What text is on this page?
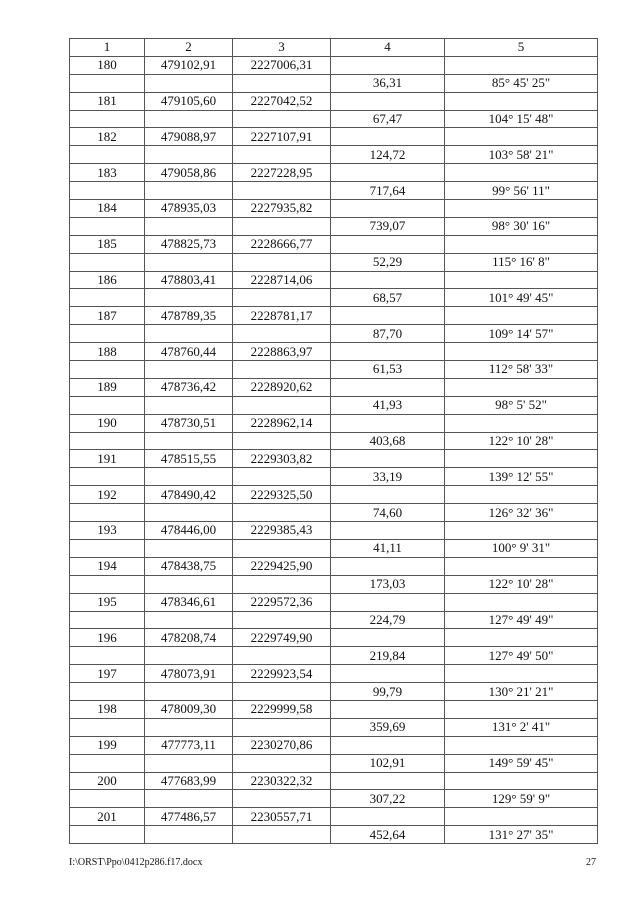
1	2	3	4	5
180	479102,91	2227006,31		
			36,31	85° 45' 25"
181	479105,60	2227042,52		
			67,47	104° 15' 48"
182	479088,97	2227107,91		
			124,72	103° 58' 21"
183	479058,86	2227228,95		
			717,64	99° 56' 11"
184	478935,03	2227935,82		
			739,07	98° 30' 16"
185	478825,73	2228666,77		
			52,29	115° 16' 8"
186	478803,41	2228714,06		
			68,57	101° 49' 45"
187	478789,35	2228781,17		
			87,70	109° 14' 57"
188	478760,44	2228863,97		
			61,53	112° 58' 33"
189	478736,42	2228920,62		
			41,93	98° 5' 52"
190	478730,51	2228962,14		
			403,68	122° 10' 28"
191	478515,55	2229303,82		
			33,19	139° 12' 55"
192	478490,42	2229325,50		
			74,60	126° 32' 36"
193	478446,00	2229385,43		
			41,11	100° 9' 31"
194	478438,75	2229425,90		
			173,03	122° 10' 28"
195	478346,61	2229572,36		
			224,79	127° 49' 49"
196	478208,74	2229749,90		
			219,84	127° 49' 50"
197	478073,91	2229923,54		
			99,79	130° 21' 21"
198	478009,30	2229999,58		
			359,69	131° 2' 41"
199	477773,11	2230270,86		
			102,91	149° 59' 45"
200	477683,99	2230322,32		
			307,22	129° 59' 9"
201	477486,57	2230557,71		
			452,64	131° 27' 35"
I:\ORST\Ppo\0412p286.f17.docx	27
